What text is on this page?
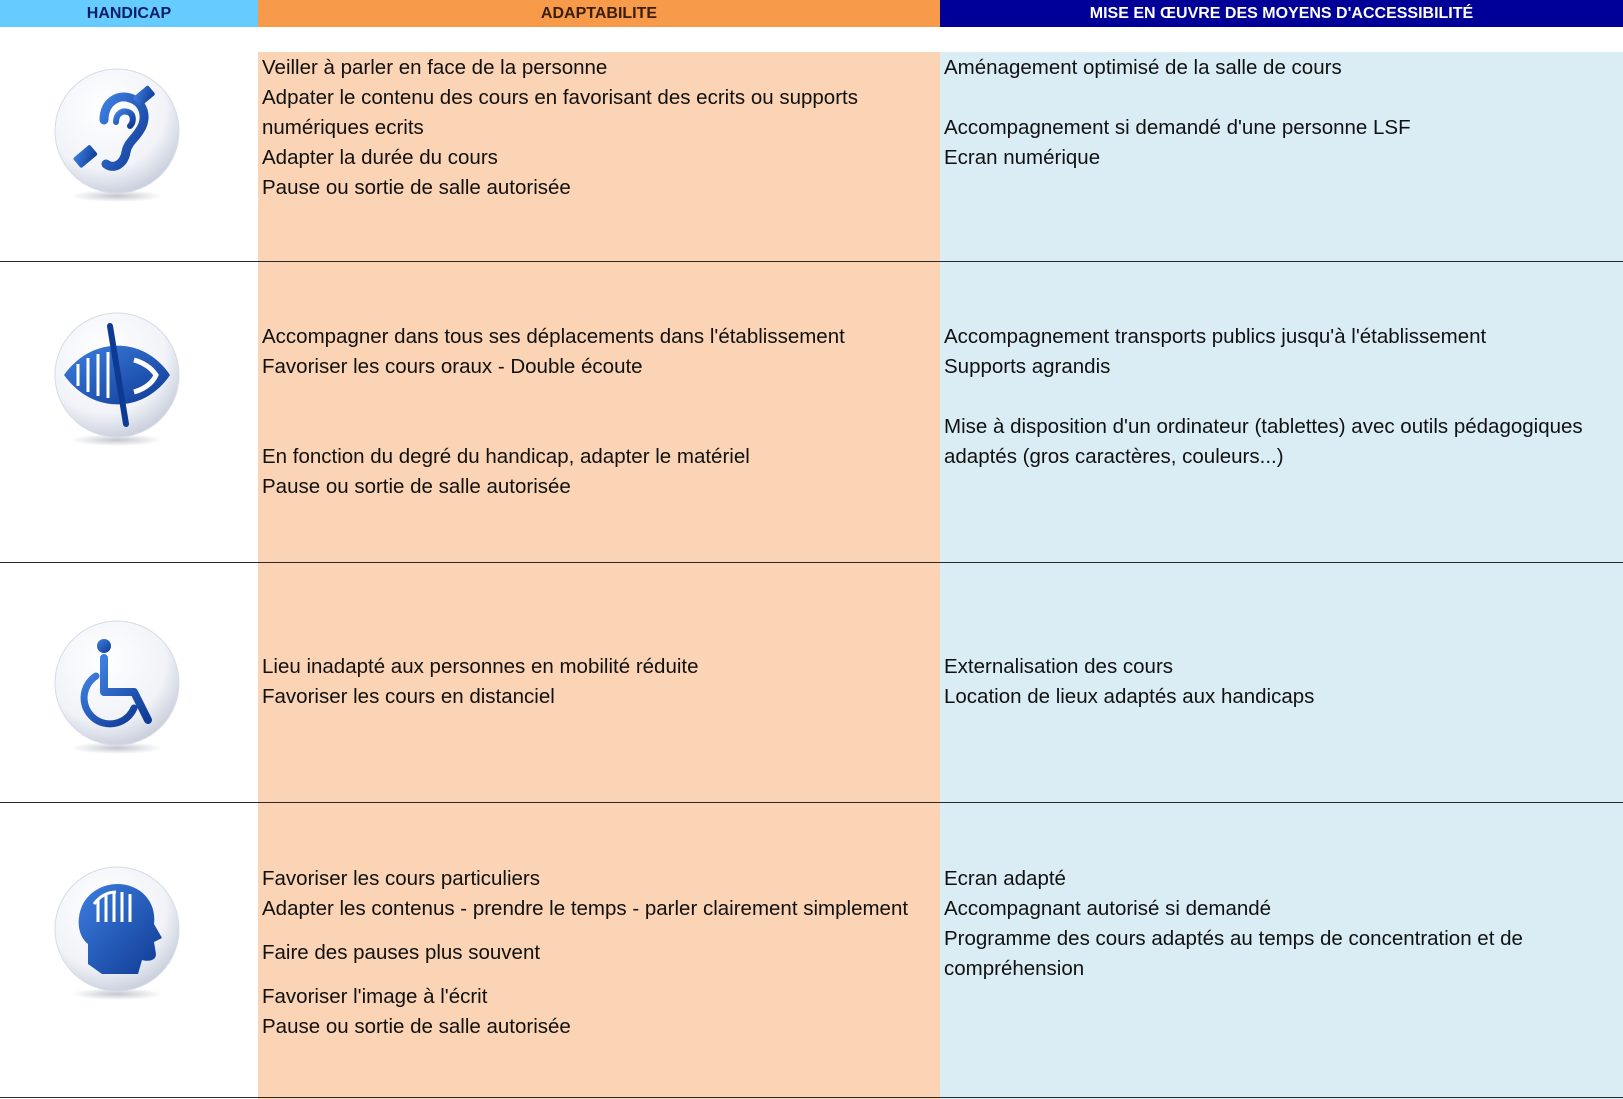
HANDICAP	ADAPTABILITE	MISE EN ŒUVRE DES MOYENS D'ACCESSIBILITÉ
Veiller à parler en face de la personne
Adpater le contenu des cours en favorisant des ecrits ou supports
numériques ecrits
Adapter la durée du cours
Pause ou sortie de salle autorisée
Aménagement optimisé de la salle de cours
Accompagnement si demandé d'une personne LSF
Ecran numérique
Accompagner dans tous ses déplacements dans l'établissement
Favoriser les cours oraux - Double écoute
En fonction du degré du handicap, adapter le matériel
Pause ou sortie de salle autorisée
Accompagnement transports publics jusqu'à l'établissement
Supports agrandis
Mise à disposition d'un ordinateur (tablettes) avec outils pédagogiques
adaptés (gros caractères, couleurs...)
Lieu inadapté aux personnes en mobilité réduite
Favoriser les cours en distanciel
Externalisation des cours
Location de lieux adaptés aux handicaps
Favoriser les cours particuliers
Adapter les contenus - prendre le temps - parler clairement simplement
Faire des pauses plus souvent
Favoriser l'image à l'écrit
Pause ou sortie de salle autorisée
Ecran adapté
Accompagnant autorisé si demandé
Programme des cours adaptés au temps de concentration et de
compréhension
